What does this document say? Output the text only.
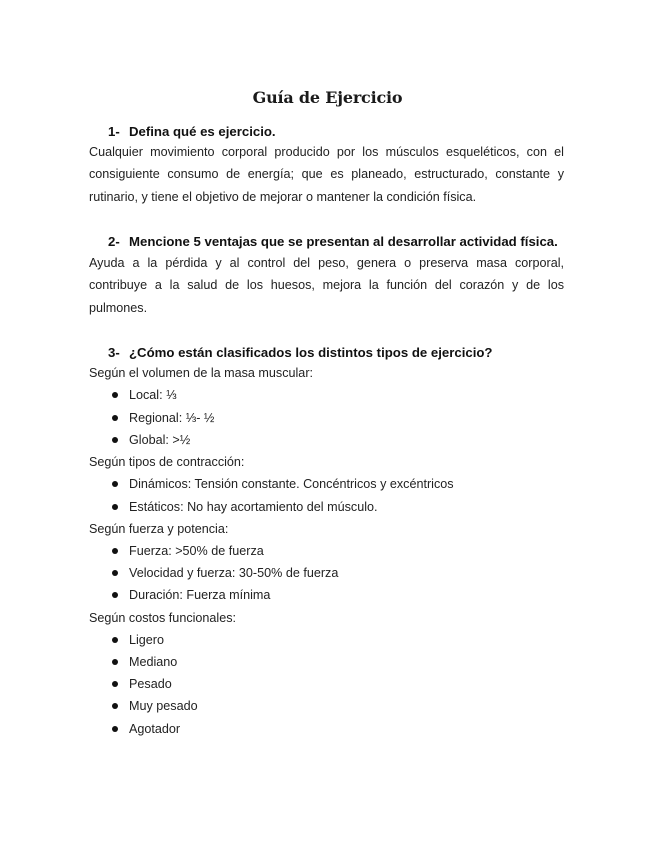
Guía de Ejercicio

1- Defina qué es ejercicio.

Cualquier movimiento corporal producido por los músculos esqueléticos, con el consiguiente consumo de energía; que es planeado, estructurado, constante y rutinario, y tiene el objetivo de mejorar o mantener la condición física.

2- Mencione 5 ventajas que se presentan al desarrollar actividad física.

Ayuda a la pérdida y al control del peso, genera o preserva masa corporal, contribuye a la salud de los huesos, mejora la función del corazón y de los pulmones.

3- ¿Cómo están clasificados los distintos tipos de ejercicio?

Según el volumen de la masa muscular:

Local: ⅓

Regional: ⅓- ½

Global: >½

Según tipos de contracción:

Dinámicos: Tensión constante. Concéntricos y excéntricos

Estáticos: No hay acortamiento del músculo.

Según fuerza y potencia:

Fuerza: >50% de fuerza

Velocidad y fuerza: 30-50% de fuerza

Duración: Fuerza mínima

Según costos funcionales:

Ligero

Mediano

Pesado

Muy pesado

Agotador
